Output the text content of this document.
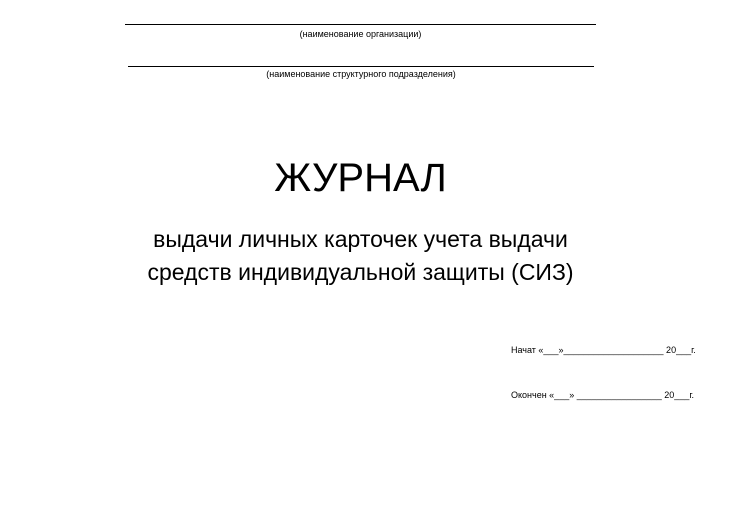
(наименование организации)
(наименование структурного подразделения)
ЖУРНАЛ
выдачи личных карточек учета выдачи
средств индивидуальной защиты (СИЗ)
Начат «___»____________________ 20___г.
Окончен «___» _________________ 20___г.
